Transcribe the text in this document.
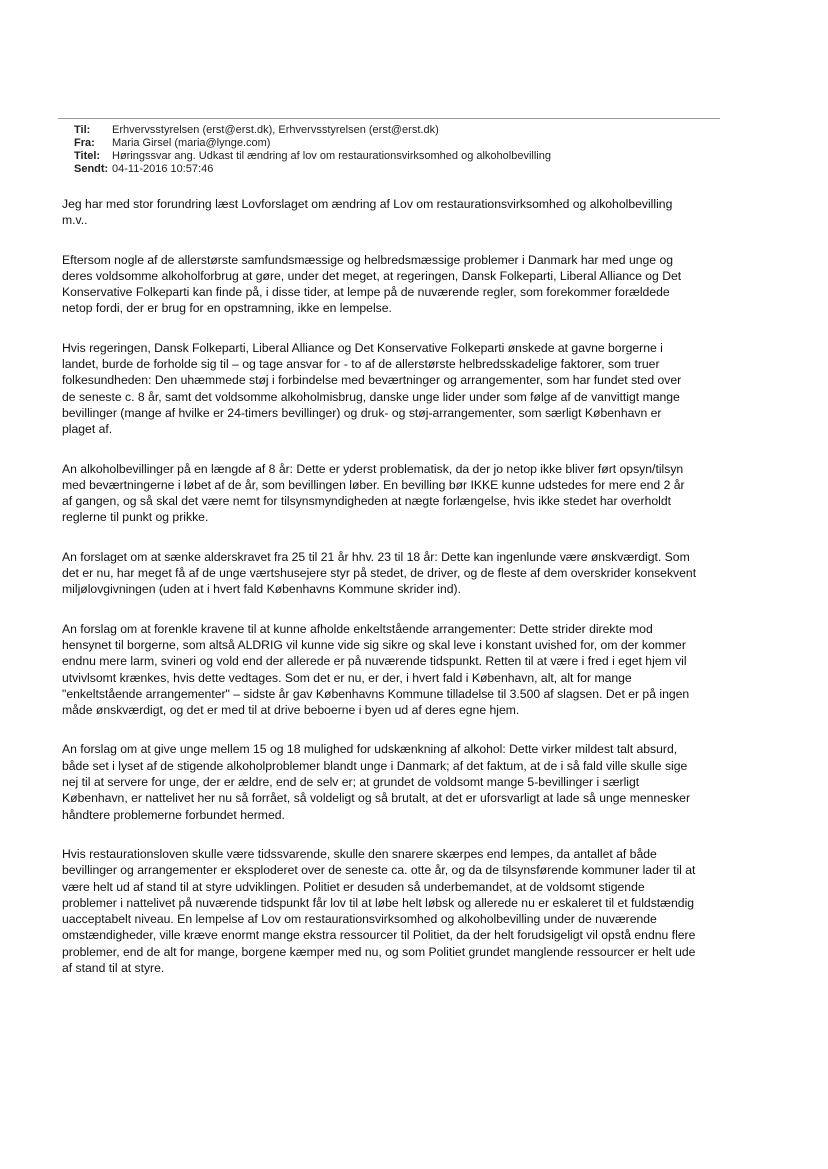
Til:	Erhvervsstyrelsen (erst@erst.dk), Erhvervsstyrelsen (erst@erst.dk)
Fra:	Maria Girsel (maria@lynge.com)
Titel:	Høringssvar ang. Udkast til ændring af lov om restaurationsvirksomhed og alkoholbevilling
Sendt: 04-11-2016 10:57:46

Jeg har med stor forundring læst Lovforslaget om ændring af Lov om restaurationsvirksomhed og alkoholbevilling m.v..

Eftersom nogle af de allerstørste samfundsmæssige og helbredsmæssige problemer i Danmark har med unge og deres voldsomme alkoholforbrug at gøre, under det meget, at regeringen, Dansk Folkeparti, Liberal Alliance og Det Konservative Folkeparti kan finde på, i disse tider, at lempe på de nuværende regler, som forekommer forældede netop fordi, der er brug for en opstramning, ikke en lempelse.

Hvis regeringen, Dansk Folkeparti, Liberal Alliance og Det Konservative Folkeparti ønskede at gavne borgerne i landet, burde de forholde sig til – og tage ansvar for - to af de allerstørste helbredsskadelige faktorer, som truer folkesundheden: Den uhæmmede støj i forbindelse med beværtninger og arrangementer, som har fundet sted over de seneste c. 8 år, samt det voldsomme alkoholmisbrug, danske unge lider under som følge af de vanvittigt mange bevillinger (mange af hvilke er 24-timers bevillinger) og druk- og støj-arrangementer, som særligt København er plaget af.

An alkoholbevillinger på en længde af 8 år: Dette er yderst problematisk, da der jo netop ikke bliver ført opsyn/tilsyn med beværtningerne i løbet af de år, som bevillingen løber. En bevilling bør IKKE kunne udstedes for mere end 2 år af gangen, og så skal det være nemt for tilsynsmyndigheden at nægte forlængelse, hvis ikke stedet har overholdt reglerne til punkt og prikke.

An forslaget om at sænke alderskravet fra 25 til 21 år hhv. 23 til 18 år: Dette kan ingenlunde være ønskværdigt. Som det er nu, har meget få af de unge værtshusejere styr på stedet, de driver, og de fleste af dem overskrider konsekvent miljølovgivningen (uden at i hvert fald Københavns Kommune skrider ind).

An forslag om at forenkle kravene til at kunne afholde enkeltstående arrangementer: Dette strider direkte mod hensynet til borgerne, som altså ALDRIG vil kunne vide sig sikre og skal leve i konstant uvished for, om der kommer endnu mere larm, svineri og vold end der allerede er på nuværende tidspunkt. Retten til at være i fred i eget hjem vil utvivlsomt krænkes, hvis dette vedtages. Som det er nu, er der, i hvert fald i København, alt, alt for mange "enkeltstående arrangementer" – sidste år gav Københavns Kommune tilladelse til 3.500 af slagsen. Det er på ingen måde ønskværdigt, og det er med til at drive beboerne i byen ud af deres egne hjem.

An forslag om at give unge mellem 15 og 18 mulighed for udskænkning af alkohol: Dette virker mildest talt absurd, både set i lyset af de stigende alkoholproblemer blandt unge i Danmark; af det faktum, at de i så fald ville skulle sige nej til at servere for unge, der er ældre, end de selv er; at grundet de voldsomt mange 5-bevillinger i særligt København, er nattelivet her nu så forrået, så voldeligt og så brutalt, at det er uforsvarligt at lade så unge mennesker håndtere problemerne forbundet hermed.

Hvis restaurationsloven skulle være tidssvarende, skulle den snarere skærpes end lempes, da antallet af både bevillinger og arrangementer er eksploderet over de seneste ca. otte år, og da de tilsynsførende kommuner lader til at være helt ud af stand til at styre udviklingen. Politiet er desuden så underbemandet, at de voldsomt stigende problemer i nattelivet på nuværende tidspunkt får lov til at løbe helt løbsk og allerede nu er eskaleret til et fuldstændig uacceptabelt niveau. En lempelse af Lov om restaurationsvirksomhed og alkoholbevilling under de nuværende omstændigheder, ville kræve enormt mange ekstra ressourcer til Politiet, da der helt forudsigeligt vil opstå endnu flere problemer, end de alt for mange, borgene kæmper med nu, og som Politiet grundet manglende ressourcer er helt ude af stand til at styre.
